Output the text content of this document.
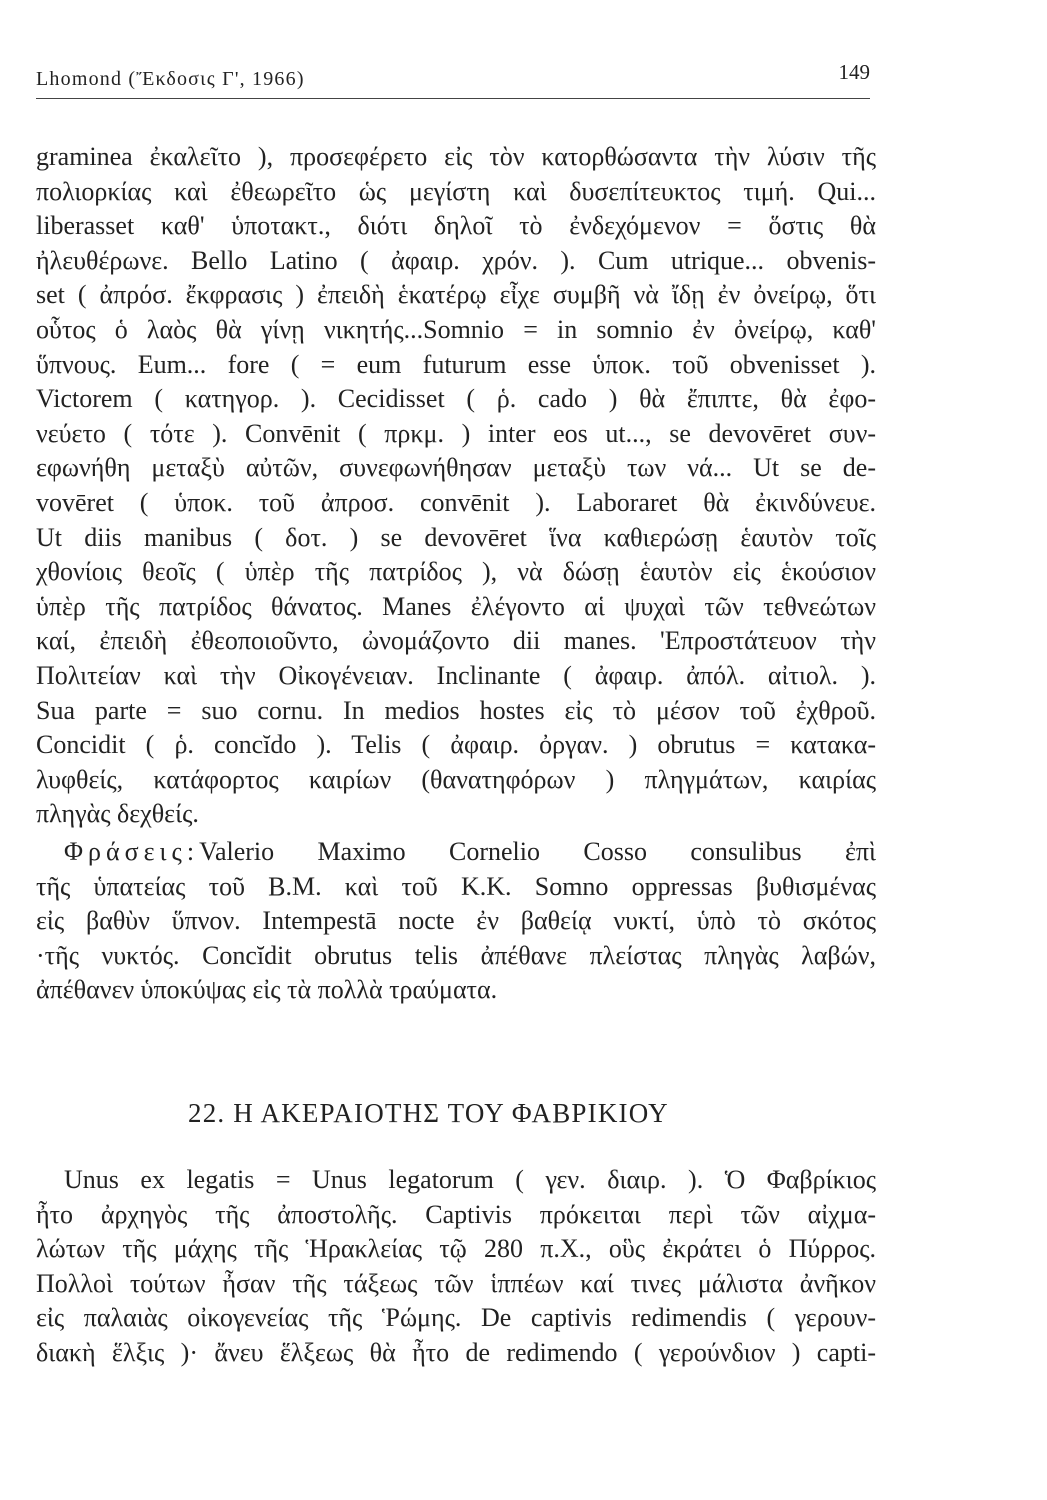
Lhomond (Ἔκδοσις Γ', 1966)	149
graminea ἐκαλεῖτο ), προσεφέρετο εἰς τὸν κατορθώσαντα τὴν λύσιν τῆς
πολιορκίας καὶ ἐθεωρεῖτο ὡς μεγίστη καὶ δυσεπίτευκτος τιμή. Qui...
liberasset καθ' ὑποτακτ., διότι δηλοῖ τὸ ἐνδεχόμενον = ὅστις θὰ
ἠλευθέρωνε. Bello Latino ( ἀφαιρ. χρόν. ). Cum utrique... obvenis-
set ( ἀπρόσ. ἔκφρασις ) ἐπειδὴ ἑκατέρῳ εἶχε συμβῆ νὰ ἴδῃ ἐν ὀνείρῳ, ὅτι
οὗτος ὁ λαὸς θὰ γίνῃ νικητής...Somnio = in somnio ἐν ὀνείρῳ, καθ'
ὕπνους. Eum... fore ( = eum futurum esse ὑποκ. τοῦ obvenisset ).
Victorem ( κατηγορ. ). Cecidisset ( ῥ. cado ) θὰ ἔπιπτε, θὰ ἐφο-
νεύετο ( τότε ). Convēnit ( πρκμ. ) inter eos ut..., se devovēret συν-
εφωνήθη μεταξὺ αὐτῶν, συνεφωνήθησαν μεταξὺ των νά... Ut se de-
vovēret ( ὑποκ. τοῦ ἀπροσ. convēnit ). Laboraret θὰ ἐκινδύνευε.
Ut diis manibus ( δοτ. ) se devovēret ἵνα καθιερώσῃ ἑαυτὸν τοῖς
χθονίοις θεοῖς ( ὑπὲρ τῆς πατρίδος ), νὰ δώσῃ ἑαυτὸν εἰς ἑκούσιον
ὑπὲρ τῆς πατρίδος θάνατος. Manes ἐλέγοντο αἱ ψυχαὶ τῶν τεθνεώτων
καί, ἐπειδὴ ἐθεοποιοῦντο, ὠνομάζοντο dii manes. 'Επροστάτευον τὴν
Πολιτείαν καὶ τὴν Οἰκογένειαν. Inclinante ( ἀφαιρ. ἀπόλ. αἰτιολ. ).
Sua parte = suo cornu. In medios hostes εἰς τὸ μέσον τοῦ ἐχθροῦ.
Concidit ( ῥ. concĭdo ). Telis ( ἀφαιρ. ὀργαν. ) obrutus = κατακα-
λυφθείς, κατάφορτος καιρίων (θανατηφόρων ) πληγμάτων, καιρίας
πληγὰς δεχθείς.
Φράσεις:Valerio Maximo Cornelio Cosso consulibus ἐπὶ
τῆς ὑπατείας τοῦ Β.Μ. καὶ τοῦ Κ.Κ. Somno oppressas βυθισμένας
εἰς βαθὺν ὕπνον. Intempestā nocte ἐν βαθείᾳ νυκτί, ὑπὸ τὸ σκότος
·τῆς νυκτός. Concĭdit obrutus telis ἀπέθανε πλείστας πληγὰς λαβών,
ἀπέθανεν ὑποκύψας εἰς τὰ πολλὰ τραύματα.
22. Η ΑΚΕΡΑΙΟΤΗΣ ΤΟΥ ΦΑΒΡΙΚΙΟΥ
Unus ex legatis = Unus legatorum ( γεν. διαιρ. ). Ὁ Φαβρίκιος
ἦτο ἀρχηγὸς τῆς ἀποστολῆς. Captivis πρόκειται περὶ τῶν αἰχμα-
λώτων τῆς μάχης τῆς Ἡρακλείας τῷ 280 π.Χ., οὓς ἐκράτει ὁ Πύρρος.
Πολλοὶ τούτων ἦσαν τῆς τάξεως τῶν ἱππέων καί τινες μάλιστα ἀνῆκον
εἰς παλαιὰς οἰκογενείας τῆς Ῥώμης. De captivis redimendis ( γερουν-
διακὴ ἕλξις )· ἄνευ ἕλξεως θὰ ἦτο de redimendo ( γερούνδιον ) capti-
